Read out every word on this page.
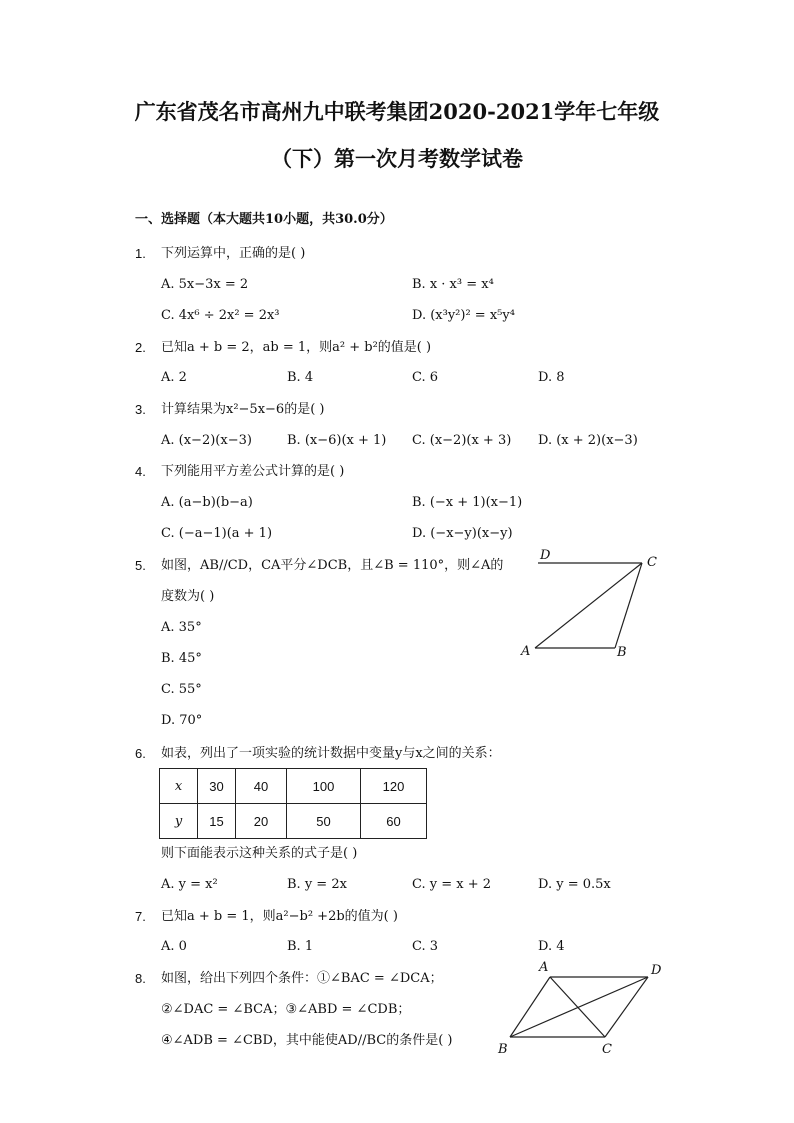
广东省茂名市高州九中联考集团2020-2021学年七年级
（下）第一次月考数学试卷
一、选择题（本大题共10小题，共30.0分）
1. 下列运算中，正确的是( )
A. 5x−3x = 2	B. x · x³ = x⁴
C. 4x⁶ ÷ 2x² = 2x³	D. (x³y²)² = x⁵y⁴
2. 已知a + b = 2，ab = 1，则a² + b²的值是( )
A. 2	B. 4	C. 6	D. 8
3. 计算结果为x²−5x−6的是( )
A. (x−2)(x−3)	B. (x−6)(x + 1) C. (x−2)(x + 3) D. (x + 2)(x−3)
4. 下列能用平方差公式计算的是( )
A. (a−b)(b−a)	B. (−x + 1)(x−1)
C. (−a−1)(a + 1)	D. (−x−y)(x−y)
5. 如图，AB//CD，CA平分∠DCB，且∠B = 110°，则∠A的
度数为( )
A. 35°
B. 45°
C. 55°
D. 70°
D	C
A	B
6. 如表，列出了一项实验的统计数据中变量y与x之间的关系：
x	30	40	100	120
y	15	20	50	60
则下面能表示这种关系的式子是( )
A. y = x²	B. y = 2x	C. y = x + 2	D. y = 0.5x
7. 已知a + b = 1，则a²−b² +2b的值为( )
A. 0	B. 1	C. 3	D. 4
8. 如图，给出下列四个条件：①∠BAC = ∠DCA；
②∠DAC = ∠BCA；③∠ABD = ∠CDB；
④∠ADB = ∠CBD，其中能使AD//BC的条件是( )
A	D
B	C
